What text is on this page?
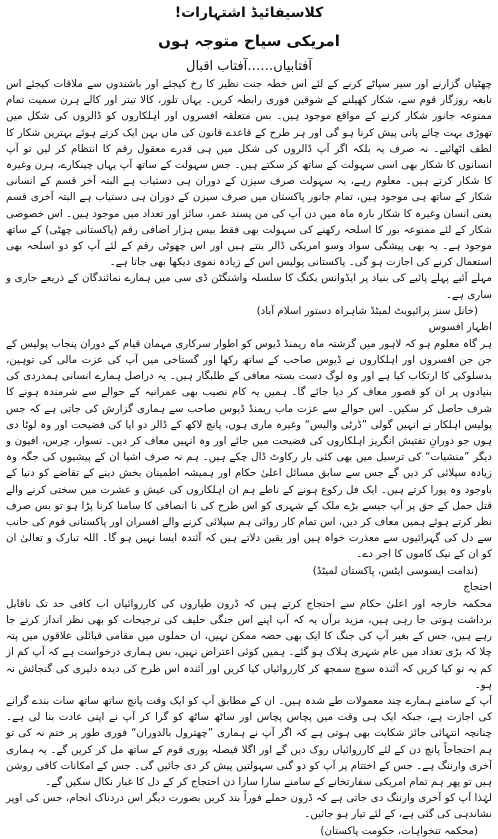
کلاسیفائیڈ اشتہارات!

امریکی سیاح متوجہ ہوں

آفتابیاں……آفتاب اقبال

چھٹیاں گزارنے اور سیر سپاٹے کرنے کے لئے اس خطہ جنت نظیر کا رخ کیجئے اور باشندوں سے ملاقات کیجئے اس نابغہ روزگار قوم سے، شکار کھیلنے کے شوقین فوری رابطہ کریں۔ یہاں تلور، کالا تیتر اور کالے ہرن سمیت تمام ممنوعہ جانور شکار کرنے کے مواقع موجود ہیں۔ بس متعلقہ افسروں اور اہلکاروں کو ڈالروں کی شکل میں تھوڑی بہت چائے پانی پیش کرنا ہو گی اور ہر طرح کے قاعدے قانون کی ماں بہن ایک کرتے ہوئے بہترین شکار کا لطف اٹھائیے۔ نہ صرف یہ بلکہ اگر آپ ڈالروں کی شکل میں ہی قدرے معقول رقم کا انتظام کر لیں تو آپ انسانوں کا شکار بھی اسی سہولت کے ساتھ کر سکتے ہیں۔ جس سہولت کے ساتھ آپ یہاں چینکارے، ہرن وغیرہ کا شکار کرتے ہیں۔ معلوم رہے، یہ سہولت صرف سیزن کے دوران ہی دستیاب ہے البتہ آخر قسم کے انسانی شکار کے ساتھ ہی موجود ہیں، تمام جانور پاکستان میں صرف سیزن کے دوران ہی دستیاب ہے البتہ آخری قسم یعنی انسان وغیرہ کا شکار بارہ ماہ میں دن آپ کی من پسند عمر، سائز اور تعداد میں موجود ہیں۔ اس خصوصی شکار کے لئے ممنوعہ بور کا اسلحہ رکھنے کی سہولت بھی فقط بیس ہزار اضافی رقم (پاکستانی چھٹی) کے ساتھ موجود ہے۔ یہ بھی پیشگی سواد وسو امریکی ڈالر بنتے ہیں اور اس چھوٹی رقم کے لئے آپ کو دو اسلحہ بھی استعمال کرنے کی اجازت ہو گی۔ پاکستانی پولیس اس کے زیادہ نموی دیکھا بھی جاتا ہے۔

مہلے آئیے پہلے پائیے کی بنیاد پر ایڈوانس بکنگ کا سلسلہ واشنگٹن ڈی سی میں ہمارے نمائندگان کے ذریعے جاری و ساری ہے۔

(خانل سنز پرائیویٹ لمیٹڈ شاہراہ دستور اسلام آباد)

اظہار افسوس

ہر گاہ معلوم ہو کہ لاہور میں گزشتہ ماہ ریمنڈ ڈیوس کو اطوار سرکاری مہمان قیام کے دوران پنجاب پولیس کے جن جن افسروں اور اہلکاروں نے ڈیوس صاحب کے ساتھ رکھا اور گستاخی میں آپ کی عزت مالی کی توہین، بدسلوکی کا ارتکاب کیا ہے اور وہ لوگ دست بستہ معافی کے طلبگار ہیں۔ یہ دراصل ہمارے انسانی ہمدردی کی بنیادوں پر ان کو قصور معاف کر دیا جائے گا۔ ہمیں یہ کام نصیب بھی عمرانیہ کے حوالے سے شرمندہ ہونے کا شرف حاصل کر سکیں۔ اس حوالے سے عزت ماب ریمنڈ ڈیوس صاحب سے ہماری گزارش کی جاتی ہے کہ جس پولیس اہلکار نے انہیں گولی ”ڈرٹی والیس“ وغیرہ ماری ہوں، پانچ لاکھ کے ڈالر دو ایا کی فضیحت اور وہ لوٹا دی ہوں جو دورانِ تفتیش انگریز اہلکاروں کی فضیحت میں جائے اور وہ انہیں معاف کر دیں۔ نسوار، چرس، افیون و دیگر ”منشیات“ کی ترسیل میں بھی کئی بار رکاوٹ ڈال چکے ہیں۔ ہم نہ صرف اشیا ان کے پیشیوں کی جگہ وہ زیادہ سپلائی کر دیں گے جس سے سابق مسائل اعلیٰ حکام اور ہمیشہ اطمینان بخش دینے کے تقاضے کو دنیا کے باوجود وہ پورا کرتے ہیں۔ ایک فل رکوع ہونے کے ناطے ہم ان اہلکاروں کی عیش و عشرت میں سختی کرنے والے قتل حمل کے حق پر آپ جیسے بڑے ملک کے شہری کو اس طرح کی نا انصافی کا سامنا کرنا پڑا ہو تو بس صرف نظر کرتے ہوئے ہمیں معاف کر دیں، اس تمام کار روائی ہم سپلائی کرنے والے افسران اور پاکستانی قوم کی جانب سے دل کی گہرائیوں سے معذرت خواہ ہیں اور یقین دلاتے ہیں کہ آئندہ ایسا نہیں ہو گا۔ اللہ تبارک و تعالیٰ ان کو ان کے نیک کاموں کا اجر دے۔

(ندامت ایسوسی ایٹس، پاکستان لمیٹڈ)

احتجاج

محکمہ خارجہ اور اعلیٰ حکام سے احتجاج کرتے ہیں کہ ڈرون طیاروں کی کارروائیاں اب کافی حد تک ناقابل برداشت ہوتی جا رہی ہیں، مزید برآں یہ کہ آپ اپنے اس جنگی حلیف کی ترجیحات کو بھی نظر انداز کرتے جا رہے ہیں، جس کے بغیر آپ کی جنگ کا ایک بھی حصہ ممکن نہیں، ان حملوں میں مقامی قبائلی علاقوں میں پتہ چلا کہ بڑی تعداد میں عام شہری ہلاک ہو گئے۔ ہمیں کوئی اعتراض نہیں، بس ہماری درخواست ہے کہ آپ کم از کم یہ تو کیا کریں کہ آئندہ سوچ سمجھ کر کارروائیاں کیا کریں اور آئندہ اس طرح کی دیدہ دلیری کی گنجائش نہ ہو۔

آپ کے سامنے ہمارے چند معمولات طے شدہ ہیں۔ ان کے مطابق آپ کو ایک وقت پانچ ساتھ ساتھ سات بندے گرانے کی اجازت ہے، جبکہ ایک ہی وقت میں پچاس پچاس اور ساٹھ ساٹھ کو گرا کر آپ نے اپنی عادت بنا لی ہے۔ چنانچہ انتہائی جائز شکایت بھی ہوتی ہے کہ اگر آپ نے ہماری ”چھترول بالدوران“ فوری طور پر ختم نہ کی تو ہم احتجاجاً پانچ دن کے لئے کارروائیاں روک دیں گے اور اگلا فیصلہ پوری قوم کے ساتھ مل کر کریں گے۔ یہ ہماری آخری وارننگ ہے۔ جس کے اختتام پر آپ کو دو گنی سہولتیں پیش کر دی جائیں گی۔ جس کے امکانات کافی روشن ہیں تو پھر ہم تمام امریکی سفارتخانے کے سامنے سارا سارا دن احتجاج کر کے دل کا غبار نکال سکیں گے۔

لہٰذا آپ کو آخری وارننگ دی جاتی ہے کہ ڈرون حملے فوراً بند کریں بصورت دیگر اس دردناک انجام، جس کی اوپر نشاندہی کی گئی ہے، کے لئے تیار ہو جائیں۔

(محکمہ تنخواہات، حکومت پاکستان)
